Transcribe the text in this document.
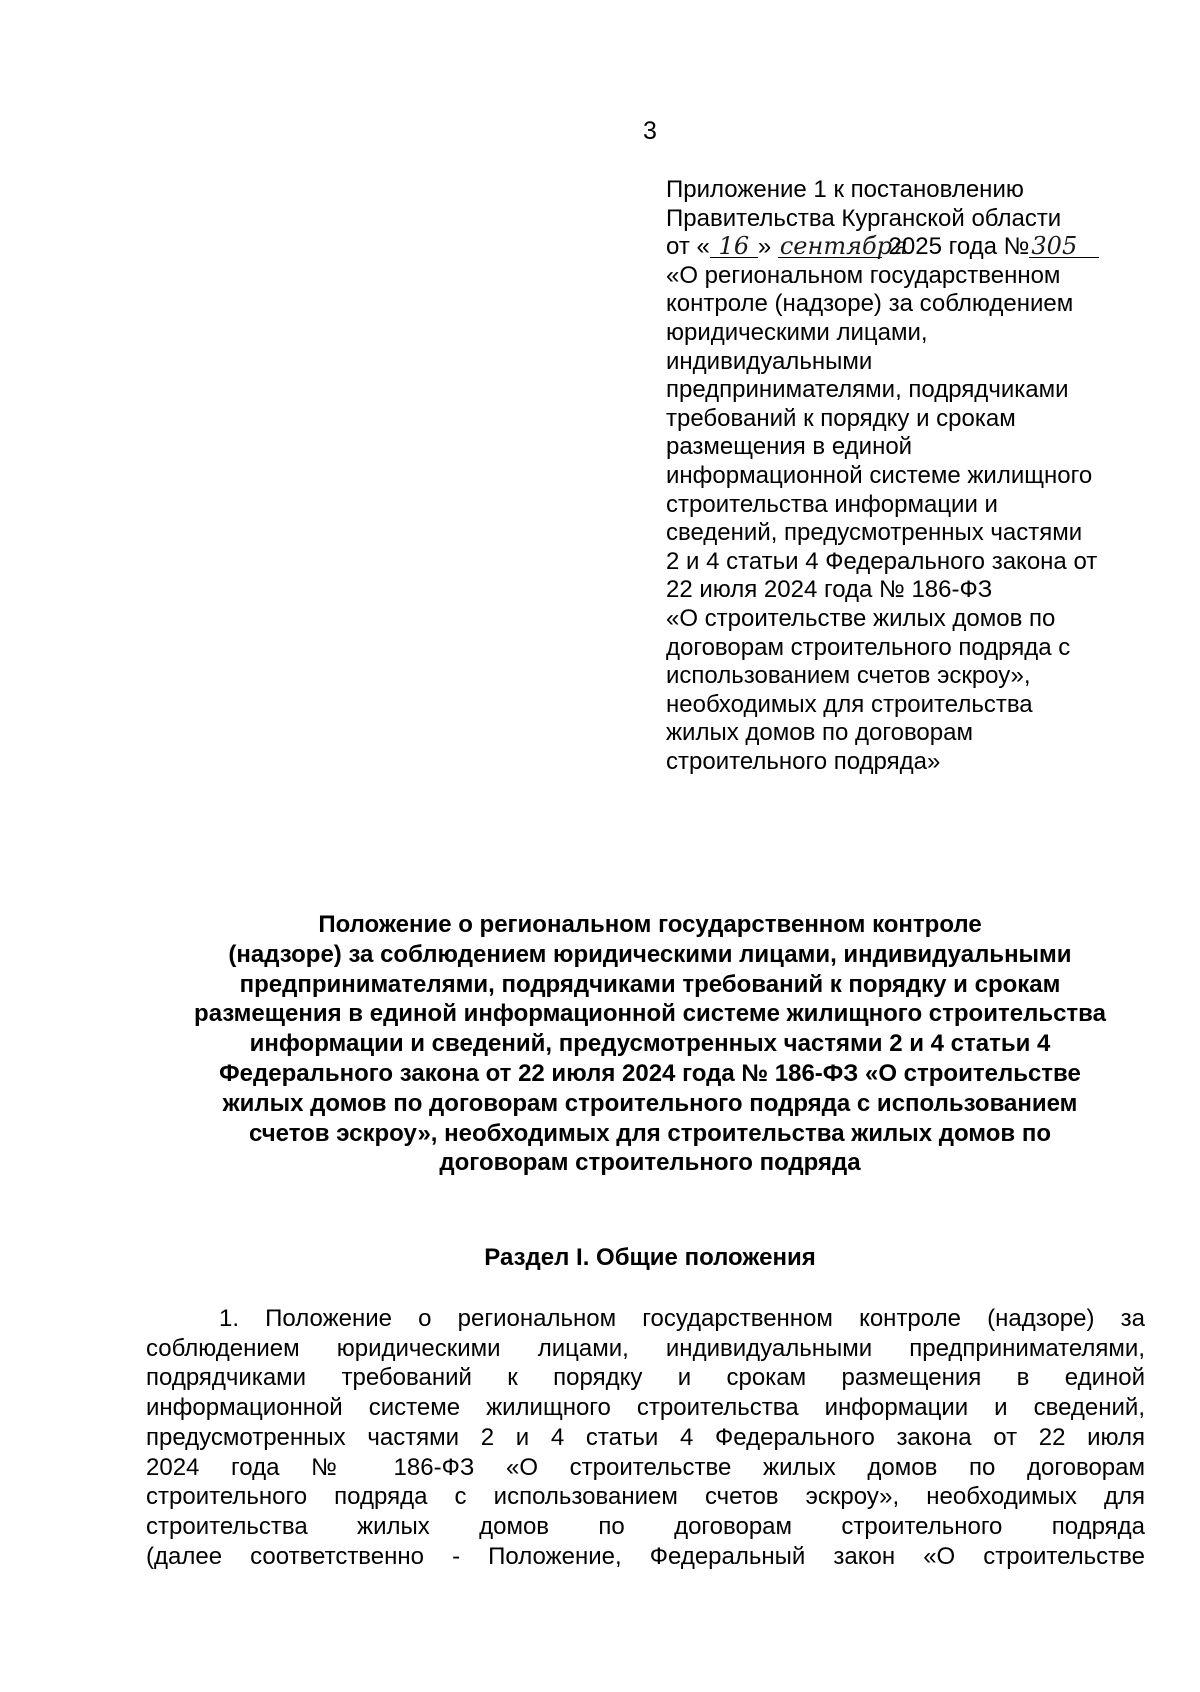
3
Приложение 1 к постановлению
Правительства Курганской области
от « 16 » сентября 2025 года №305
«О региональном государственном
контроле (надзоре) за соблюдением
юридическими лицами,
индивидуальными
предпринимателями, подрядчиками
требований к порядку и срокам
размещения в единой
информационной системе жилищного
строительства информации и
сведений, предусмотренных частями
2 и 4 статьи 4 Федерального закона от
22 июля 2024 года № 186-ФЗ
«О строительстве жилых домов по
договорам строительного подряда с
использованием счетов эскроу»,
необходимых для строительства
жилых домов по договорам
строительного подряда»
Положение о региональном государственном контроле
(надзоре) за соблюдением юридическими лицами, индивидуальными
предпринимателями, подрядчиками требований к порядку и срокам
размещения в единой информационной системе жилищного строительства
информации и сведений, предусмотренных частями 2 и 4 статьи 4
Федерального закона от 22 июля 2024 года № 186-ФЗ «О строительстве
жилых домов по договорам строительного подряда с использованием
счетов эскроу», необходимых для строительства жилых домов по
договорам строительного подряда
Раздел I. Общие положения
1. Положение о региональном государственном контроле (надзоре) за
соблюдением юридическими лицами, индивидуальными предпринимателями,
подрядчиками требований к порядку и срокам размещения в единой
информационной системе жилищного строительства информации и сведений,
предусмотренных частями 2 и 4 статьи 4 Федерального закона от 22 июля
2024 года № 186-ФЗ «О строительстве жилых домов по договорам
строительного подряда с использованием счетов эскроу», необходимых для
строительства жилых домов по договорам строительного подряда
(далее соответственно - Положение, Федеральный закон «О строительстве
